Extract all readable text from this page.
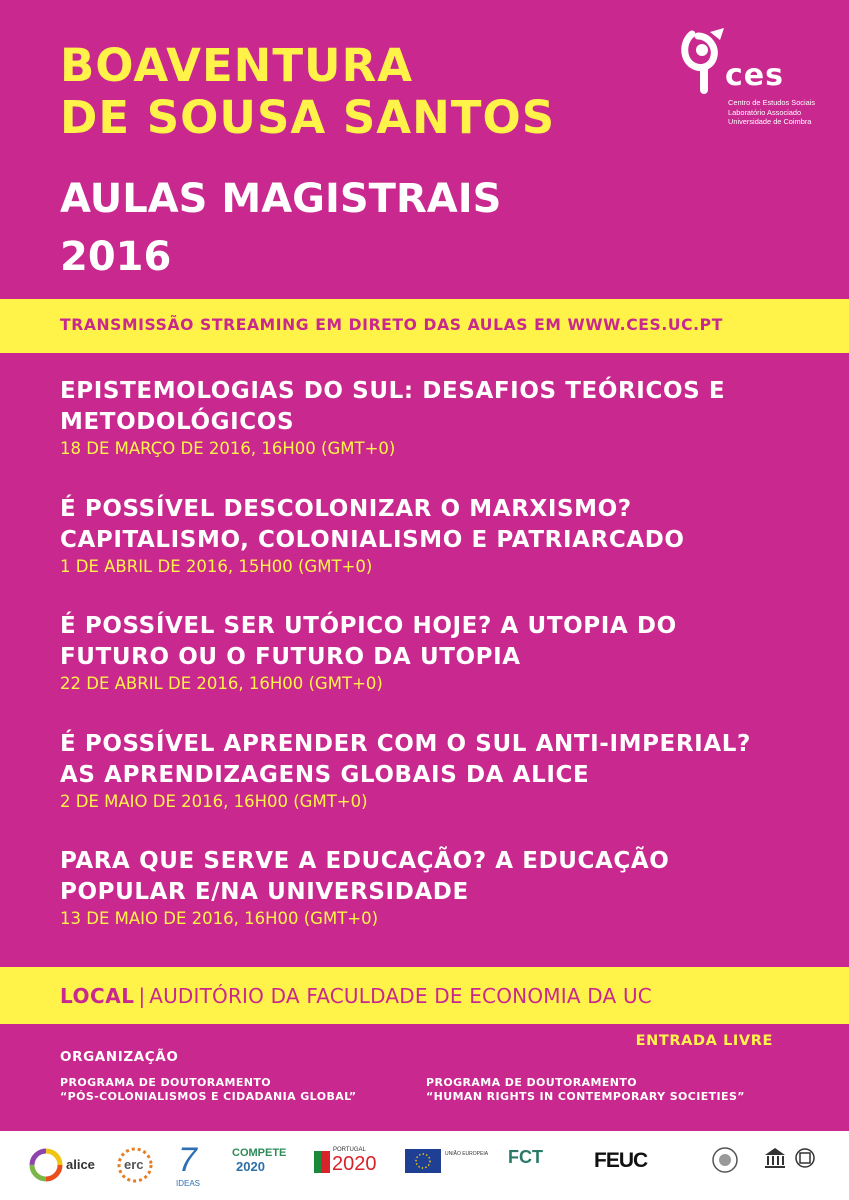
BOAVENTURA
DE SOUSA SANTOS
AULAS MAGISTRAIS
2016
ces
Centro de Estudos Sociais
Laboratório Associado
Universidade de Coimbra
TRANSMISSÃO STREAMING EM DIRETO DAS AULAS EM WWW.CES.UC.PT

EPISTEMOLOGIAS DO SUL: DESAFIOS TEÓRICOS E
METODOLÓGICOS

18 DE MARÇO DE 2016, 16H00 (GMT+0)

É POSSÍVEL DESCOLONIZAR O MARXISMO?
CAPITALISMO, COLONIALISMO E PATRIARCADO

1 DE ABRIL DE 2016, 15H00 (GMT+0)

É POSSÍVEL SER UTÓPICO HOJE? A UTOPIA DO
FUTURO OU O FUTURO DA UTOPIA

22 DE ABRIL DE 2016, 16H00 (GMT+0)

É POSSÍVEL APRENDER COM O SUL ANTI-IMPERIAL?
AS APRENDIZAGENS GLOBAIS DA ALICE

2 DE MAIO DE 2016, 16H00 (GMT+0)

PARA QUE SERVE A EDUCAÇÃO? A EDUCAÇÃO
POPULAR E/NA UNIVERSIDADE

13 DE MAIO DE 2016, 16H00 (GMT+0)

LOCAL | AUDITÓRIO DA FACULDADE DE ECONOMIA DA UC
ENTRADA LIVRE
ORGANIZAÇÃO
PROGRAMA DE DOUTORAMENTO
“PÓS-COLONIALISMOS E CIDADANIA GLOBAL”
PROGRAMA DE DOUTORAMENTO
“HUMAN RIGHTS IN CONTEMPORARY SOCIETIES”
alice erc 7
IDEAS
COMPETE
2020
PORTUGAL
2020	UNIÃO EUROPEIA FCT FEUC
